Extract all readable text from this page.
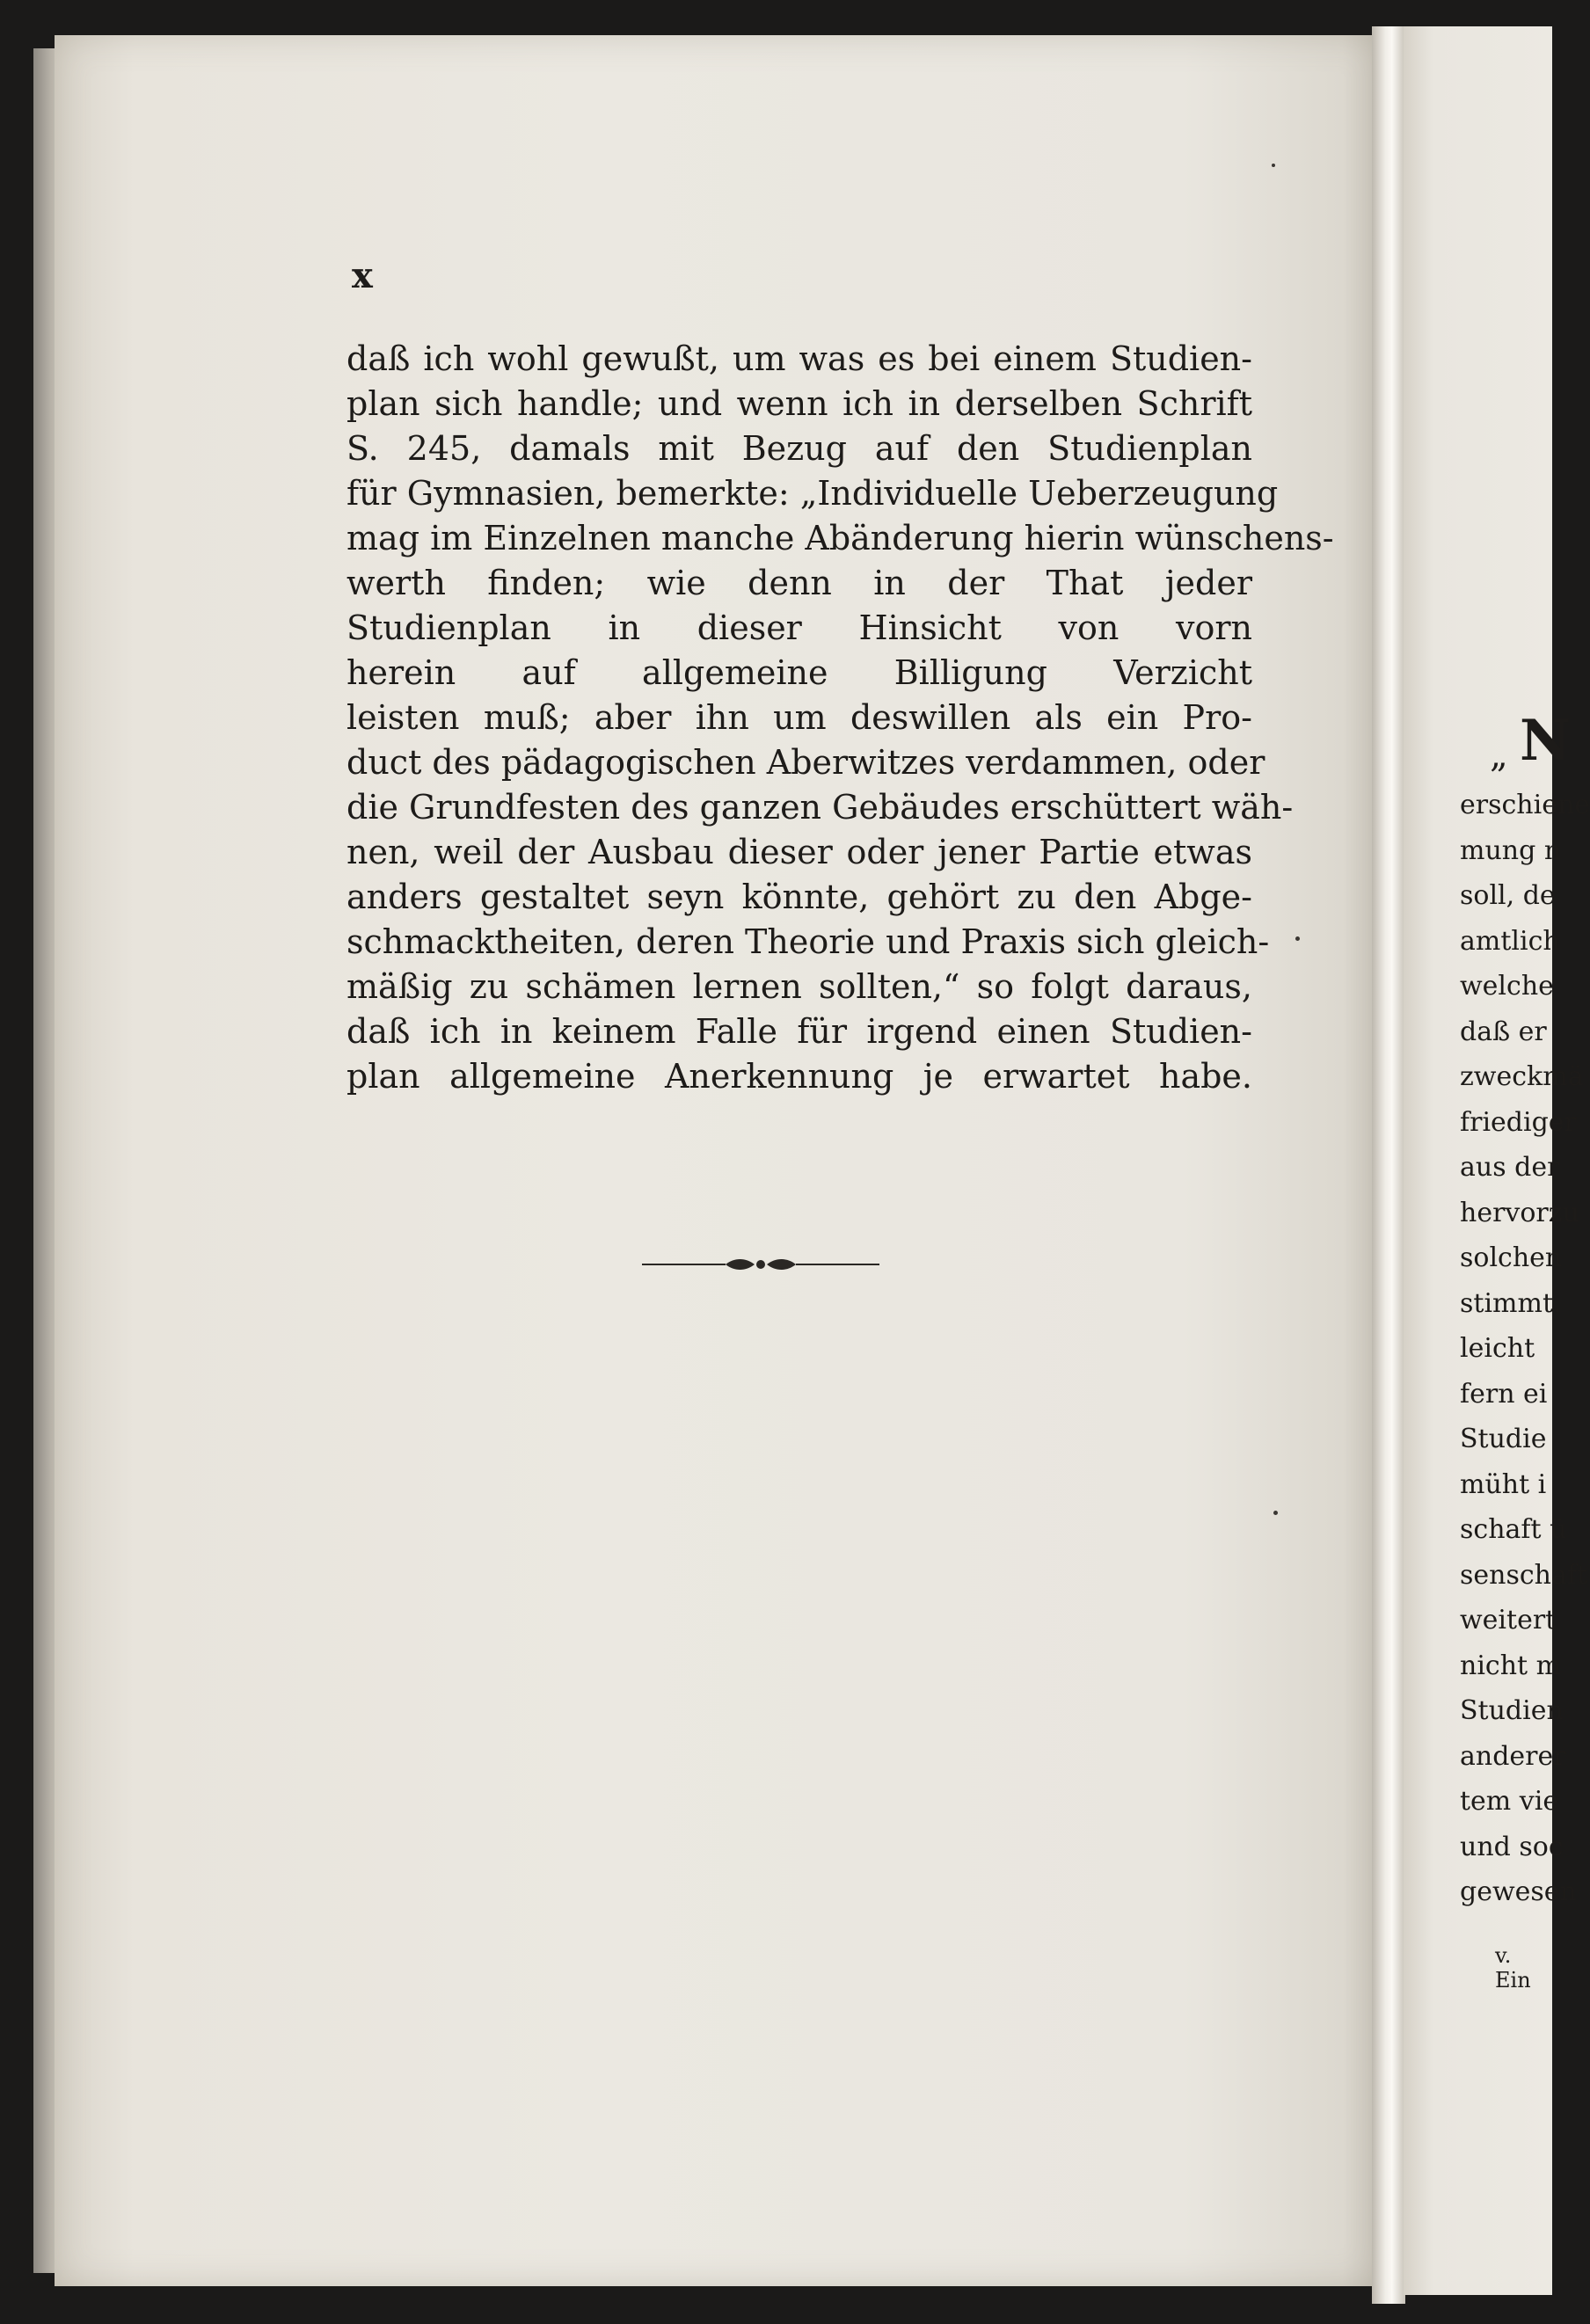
x
daß ich wohl gewußt, um was es bei einem Studien-
plan sich handle; und wenn ich in derselben Schrift
S. 245, damals mit Bezug auf den Studienplan
für Gymnasien, bemerkte: „Individuelle Ueberzeugung
mag im Einzelnen manche Abänderung hierin wünschens-
werth finden; wie denn in der That jeder
Studienplan in dieser Hinsicht von vorn
herein auf allgemeine Billigung Verzicht
leisten muß; aber ihn um deswillen als ein Pro-
duct des pädagogischen Aberwitzes verdammen, oder
die Grundfesten des ganzen Gebäudes erschüttert wäh-
nen, weil der Ausbau dieser oder jener Partie etwas
anders gestaltet seyn könnte, gehört zu den Abge-
schmacktheiten, deren Theorie und Praxis sich gleich-
mäßig zu schämen lernen sollten,“ so folgt daraus,
daß ich in keinem Falle für irgend einen Studien-
plan allgemeine Anerkennung je erwartet habe.
N
„
erschiene
mung n
soll, de
amtlich
welche
daß er
zweckmä
friediger
aus der
hervorzu
solchen
stimmt.
leicht
fern ei
Studie
müht i
schaft ü
senschaft
weitert
nicht m
Studien
anderer
tem vie
und soc
gewesen
v. Ein
